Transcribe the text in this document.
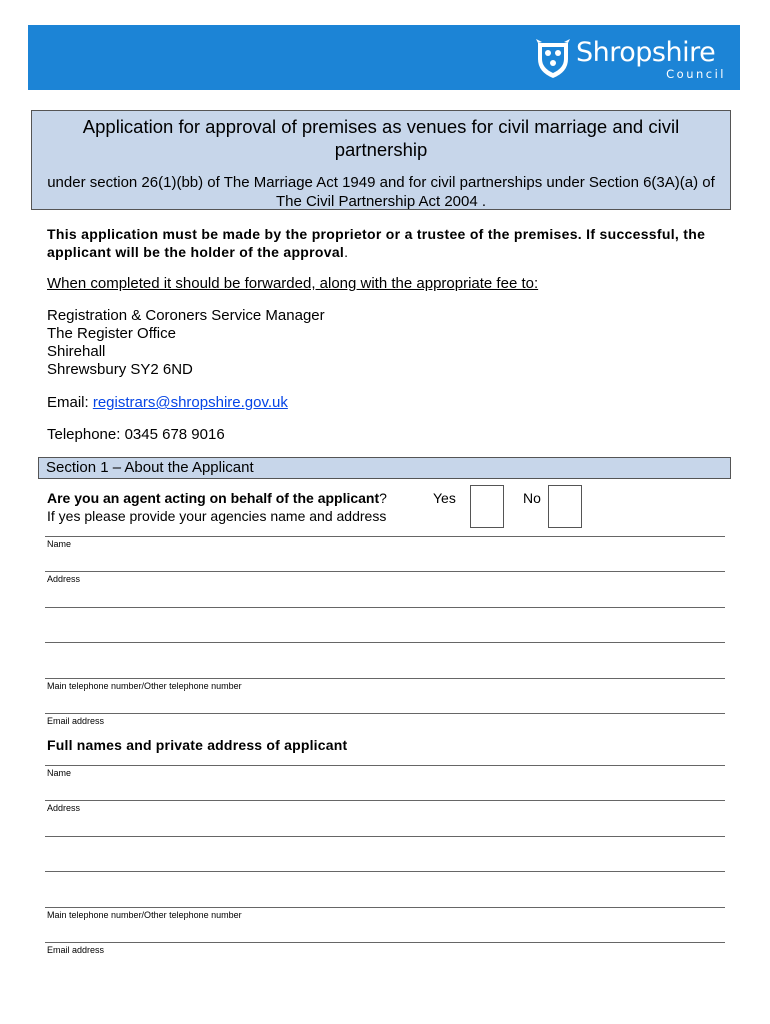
Shropshire
Council
Application for approval of premises as venues for civil marriage and civil partnership
under section 26(1)(bb) of The Marriage Act 1949 and for civil partnerships under Section 6(3A)(a) of The Civil Partnership Act 2004 .
This application must be made by the proprietor or a trustee of the premises. If successful, the applicant will be the holder of the approval.
When completed it should be forwarded, along with the appropriate fee to:
Registration & Coroners Service Manager
The Register Office
Shirehall
Shrewsbury SY2 6ND
Email: registrars@shropshire.gov.uk
Telephone: 0345 678 9016
Section 1 – About the Applicant
Are you an agent acting on behalf of the applicant?
If yes please provide your agencies name and address
Yes	No
Name
Address
Main telephone number/Other telephone number
Email address
Full names and private address of applicant
Name
Address
Main telephone number/Other telephone number
Email address
